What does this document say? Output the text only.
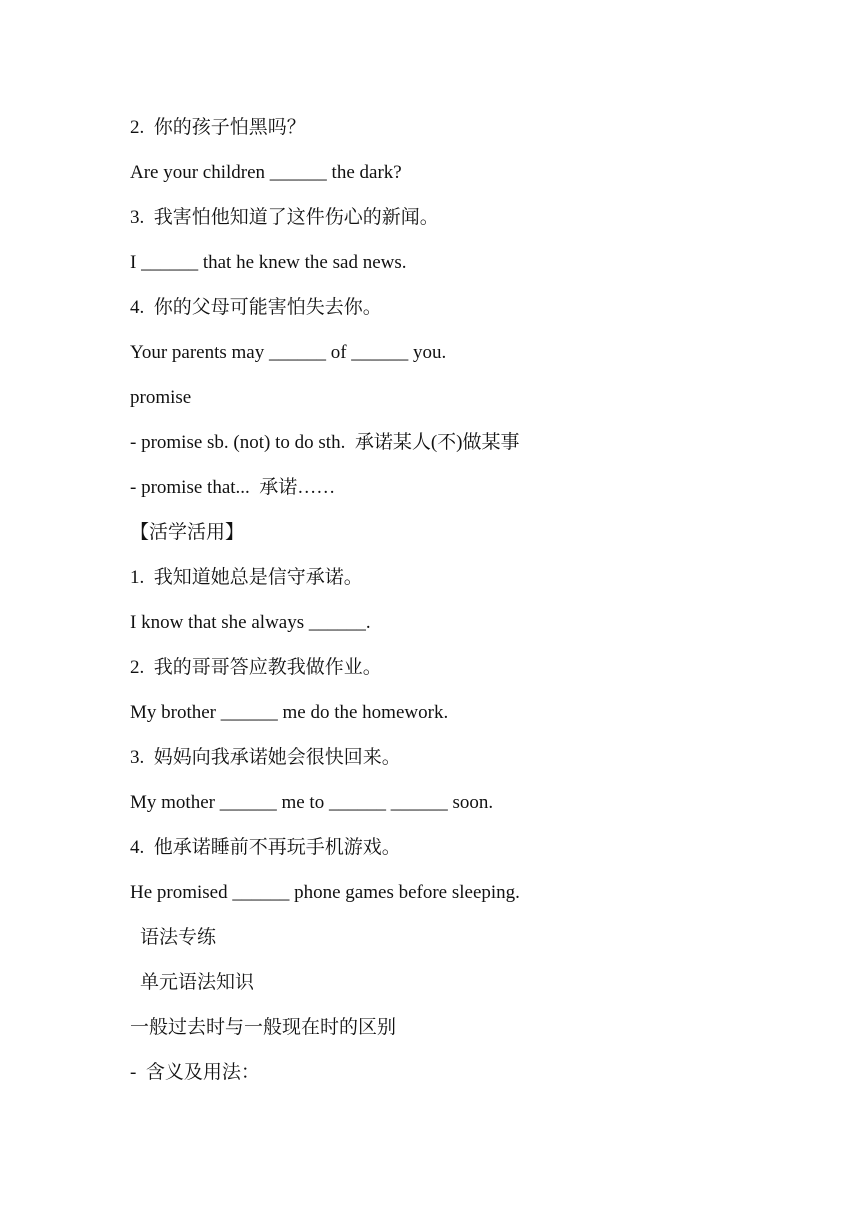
2.  你的孩子怕黑吗？
Are your children ______ the dark?
3.  我害怕他知道了这件伤心的新闻。
I ______ that he knew the sad news.
4.  你的父母可能害怕失去你。
Your parents may ______ of ______ you.
promise
- promise sb. (not) to do sth.  承诺某人(不)做某事
- promise that...  承诺……
【活学活用】
1.  我知道她总是信守承诺。
I know that she always ______.
2.  我的哥哥答应教我做作业。
My brother ______ me do the homework.
3.  妈妈向我承诺她会很快回来。
My mother ______ me to ______ ______ soon.
4.  他承诺睡前不再玩手机游戏。
He promised ______ phone games before sleeping.
语法专练
单元语法知识
一般过去时与一般现在时的区别
-  含义及用法：
